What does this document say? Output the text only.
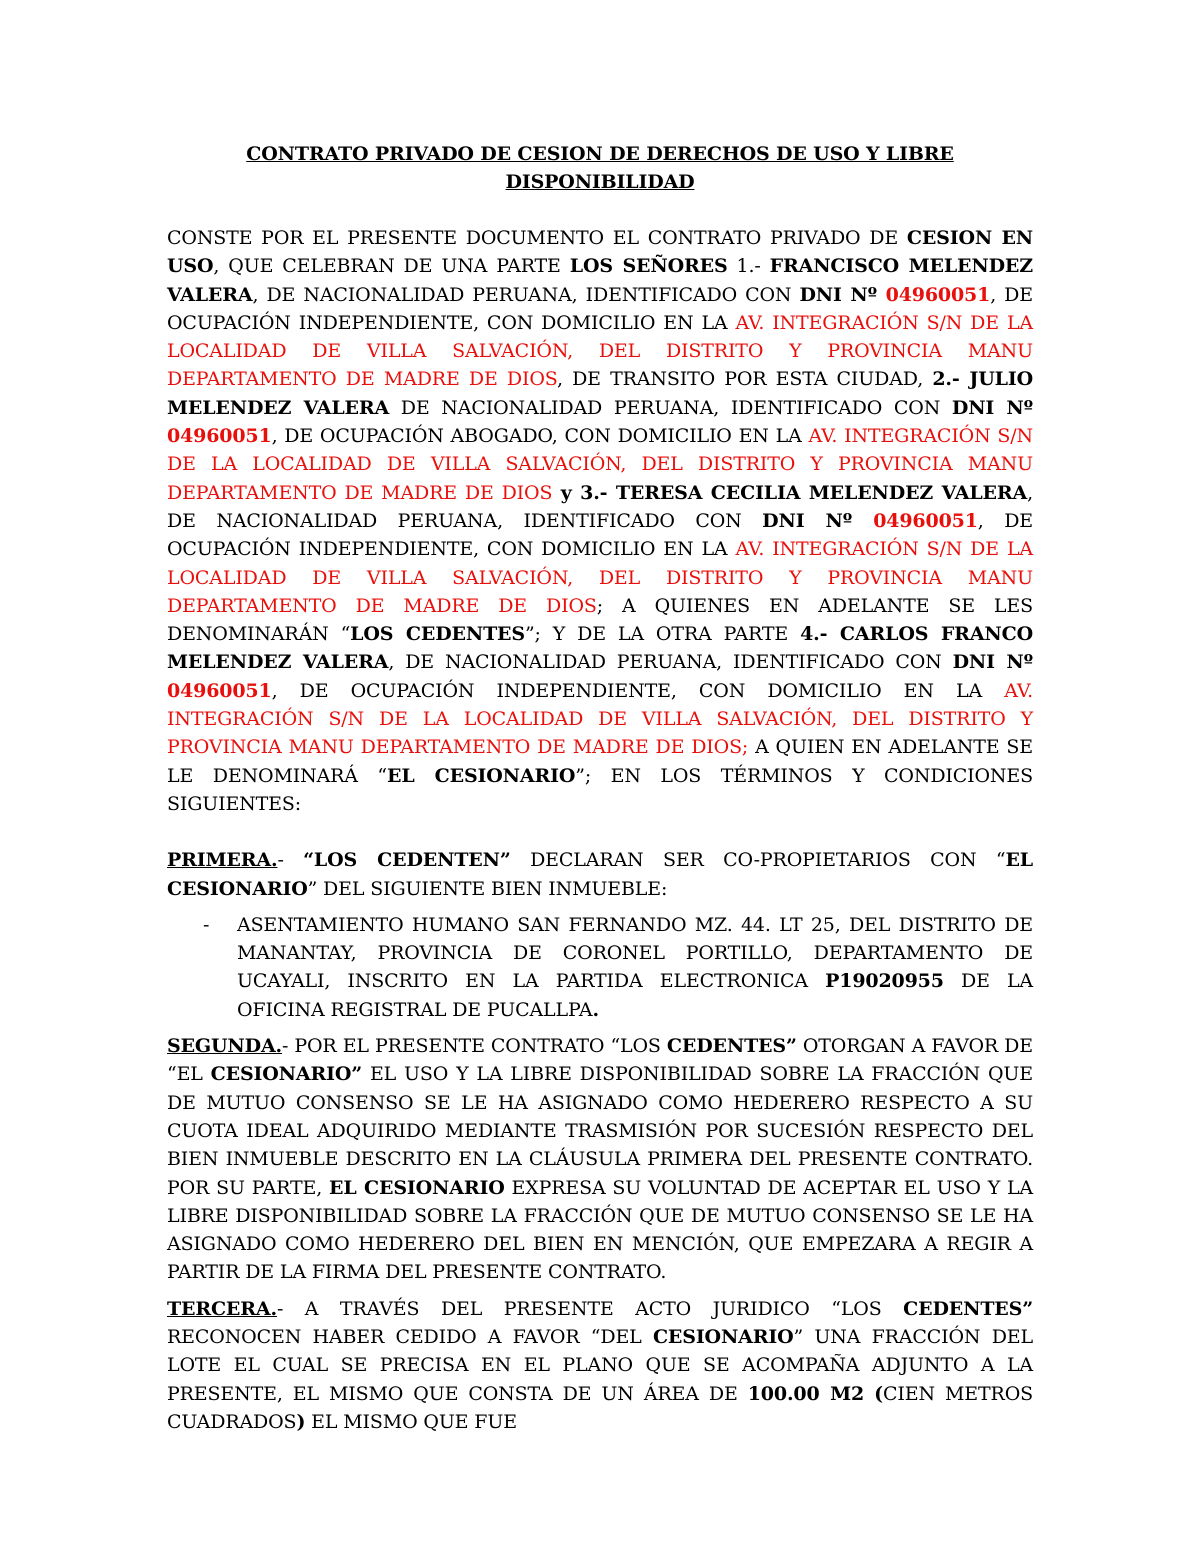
CONTRATO PRIVADO DE CESION DE DERECHOS DE USO Y LIBRE
DISPONIBILIDAD

CONSTE POR EL PRESENTE DOCUMENTO EL CONTRATO PRIVADO DE CESION EN USO, QUE CELEBRAN DE UNA PARTE LOS SEÑORES 1.- FRANCISCO MELENDEZ VALERA, DE NACIONALIDAD PERUANA, IDENTIFICADO CON DNI Nº 04960051, DE OCUPACIÓN INDEPENDIENTE, CON DOMICILIO EN LA AV. INTEGRACIÓN S/N DE LA LOCALIDAD DE VILLA SALVACIÓN, DEL DISTRITO Y PROVINCIA MANU DEPARTAMENTO DE MADRE DE DIOS, DE TRANSITO POR ESTA CIUDAD, 2.- JULIO MELENDEZ VALERA DE NACIONALIDAD PERUANA, IDENTIFICADO CON DNI Nº 04960051, DE OCUPACIÓN ABOGADO, CON DOMICILIO EN LA AV. INTEGRACIÓN S/N DE LA LOCALIDAD DE VILLA SALVACIÓN, DEL DISTRITO Y PROVINCIA MANU DEPARTAMENTO DE MADRE DE DIOS y 3.- TERESA CECILIA MELENDEZ VALERA, DE NACIONALIDAD PERUANA, IDENTIFICADO CON DNI Nº 04960051, DE OCUPACIÓN INDEPENDIENTE, CON DOMICILIO EN LA AV. INTEGRACIÓN S/N DE LA LOCALIDAD DE VILLA SALVACIÓN, DEL DISTRITO Y PROVINCIA MANU DEPARTAMENTO DE MADRE DE DIOS; A QUIENES EN ADELANTE SE LES DENOMINARÁN “LOS CEDENTES”; Y DE LA OTRA PARTE 4.- CARLOS FRANCO MELENDEZ VALERA, DE NACIONALIDAD PERUANA, IDENTIFICADO CON DNI Nº 04960051, DE OCUPACIÓN INDEPENDIENTE, CON DOMICILIO EN LA AV. INTEGRACIÓN S/N DE LA LOCALIDAD DE VILLA SALVACIÓN, DEL DISTRITO Y PROVINCIA MANU DEPARTAMENTO DE MADRE DE DIOS; A QUIEN EN ADELANTE SE LE DENOMINARÁ “EL CESIONARIO”; EN LOS TÉRMINOS Y CONDICIONES SIGUIENTES:

PRIMERA.- “LOS CEDENTEN” DECLARAN SER CO-PROPIETARIOS CON “EL CESIONARIO” DEL SIGUIENTE BIEN INMUEBLE:

-	ASENTAMIENTO HUMANO SAN FERNANDO MZ. 44. LT 25, DEL DISTRITO DE MANANTAY, PROVINCIA DE CORONEL PORTILLO, DEPARTAMENTO DE UCAYALI, INSCRITO EN LA PARTIDA ELECTRONICA P19020955 DE LA OFICINA REGISTRAL DE PUCALLPA.

SEGUNDA.- POR EL PRESENTE CONTRATO “LOS CEDENTES” OTORGAN A FAVOR DE “EL CESIONARIO” EL USO Y LA LIBRE DISPONIBILIDAD SOBRE LA FRACCIÓN QUE DE MUTUO CONSENSO SE LE HA ASIGNADO COMO HEDERERO RESPECTO A SU CUOTA IDEAL ADQUIRIDO MEDIANTE TRASMISIÓN POR SUCESIÓN RESPECTO DEL BIEN INMUEBLE DESCRITO EN LA CLÁUSULA PRIMERA DEL PRESENTE CONTRATO. POR SU PARTE, EL CESIONARIO EXPRESA SU VOLUNTAD DE ACEPTAR EL USO Y LA LIBRE DISPONIBILIDAD SOBRE LA FRACCIÓN QUE DE MUTUO CONSENSO SE LE HA ASIGNADO COMO HEDERERO DEL BIEN EN MENCIÓN, QUE EMPEZARA A REGIR A PARTIR DE LA FIRMA DEL PRESENTE CONTRATO.

TERCERA.- A TRAVÉS DEL PRESENTE ACTO JURIDICO “LOS CEDENTES” RECONOCEN HABER CEDIDO A FAVOR “DEL CESIONARIO” UNA FRACCIÓN DEL LOTE EL CUAL SE PRECISA EN EL PLANO QUE SE ACOMPAÑA ADJUNTO A LA PRESENTE, EL MISMO QUE CONSTA DE UN ÁREA DE 100.00 M2 (CIEN METROS CUADRADOS) EL MISMO QUE FUE
